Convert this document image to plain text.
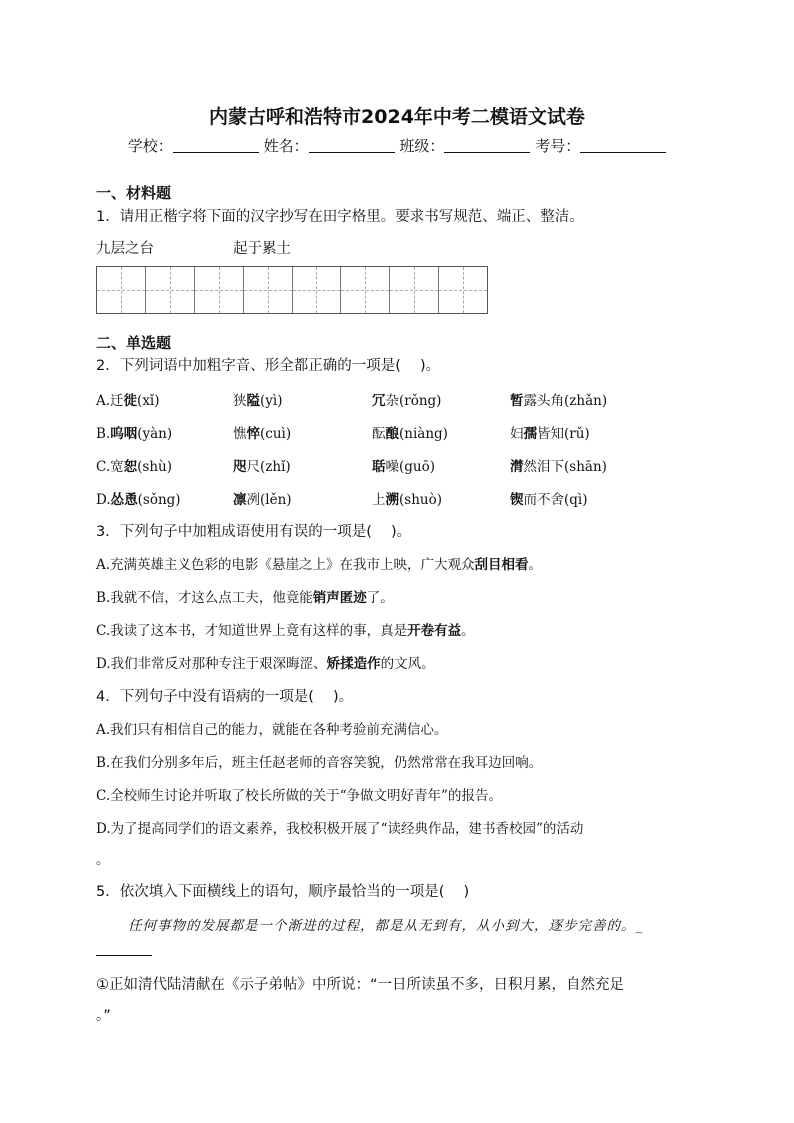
内蒙古呼和浩特市2024年中考二模语文试卷
学校：	姓名：	班级：	考号：
一、材料题
1．请用正楷字将下面的汉字抄写在田字格里。要求书写规范、端正、整洁。
九层之台	起于累土
二、单选题
2．下列词语中加粗字音、形全都正确的一项是(　 )。
A.迁徙(xǐ)	狭隘(yì)	冗杂(rǒng)	暂露头角(zhǎn)
B.呜咽(yàn)	憔悴(cuì)	酝酿(niàng)	妇孺皆知(rǔ)
C.宽恕(shù)	咫尺(zhǐ)	聒噪(guō)	潸然泪下(shān)
D.怂恿(sǒng)	凛冽(lěn)	上溯(shuò)	锲而不舍(qì)
3．下列句子中加粗成语使用有误的一项是(　 )。
A.充满英雄主义色彩的电影《悬崖之上》在我市上映，广大观众刮目相看。
B.我就不信，才这么点工夫，他竟能销声匿迹了。
C.我读了这本书，才知道世界上竟有这样的事，真是开卷有益。
D.我们非常反对那种专注于艰深晦涩、矫揉造作的文风。
4．下列句子中没有语病的一项是(　 )。
A.我们只有相信自己的能力，就能在各种考验前充满信心。
B.在我们分别多年后，班主任赵老师的音容笑貌，仍然常常在我耳边回响。
C.全校师生讨论并听取了校长所做的关于“争做文明好青年”的报告。
D.为了提高同学们的语文素养，我校积极开展了“读经典作品，建书香校园”的活动
。
5．依次填入下面横线上的语句，顺序最恰当的一项是(　 )
任何事物的发展都是一个渐进的过程，都是从无到有，从小到大，逐步完善的。_
①正如清代陆清献在《示子弟帖》中所说：“一日所读虽不多，日积月累，自然充足
。”
